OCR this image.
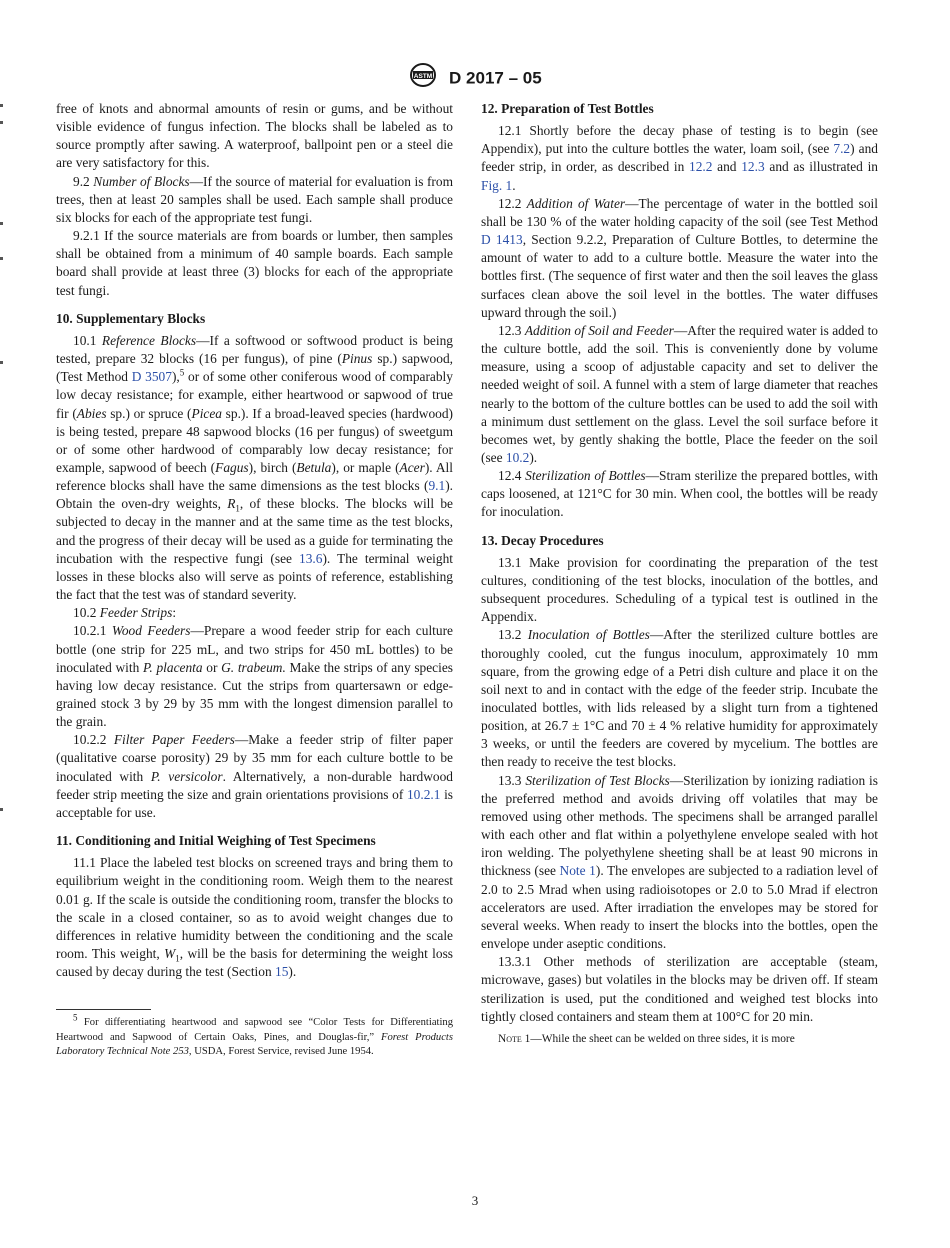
ASTM D 2017 – 05

free of knots and abnormal amounts of resin or gums, and be without visible evidence of fungus infection. The blocks shall be labeled as to source promptly after sawing. A waterproof, ballpoint pen or a steel die are very satisfactory for this.

9.2 Number of Blocks—If the source of material for evaluation is from trees, then at least 20 samples shall be used. Each sample shall produce six blocks for each of the appropriate test fungi.

9.2.1 If the source materials are from boards or lumber, then samples shall be obtained from a minimum of 40 sample boards. Each sample board shall provide at least three (3) blocks for each of the appropriate test fungi.

10. Supplementary Blocks

10.1 Reference Blocks—If a softwood or softwood product is being tested, prepare 32 blocks (16 per fungus), of pine (Pinus sp.) sapwood, (Test Method D 3507),$^5$ or of some other coniferous wood of comparably low decay resistance; for example, either heartwood or sapwood of true fir (Abies sp.) or spruce (Picea sp.). If a broad-leaved species (hardwood) is being tested, prepare 48 sapwood blocks (16 per fungus) of sweetgum or of some other hardwood of comparably low decay resistance; for example, sapwood of beech (Fagus), birch (Betula), or maple (Acer). All reference blocks shall have the same dimensions as the test blocks (9.1). Obtain the oven-dry weights, $R_1$, of these blocks. The blocks will be subjected to decay in the manner and at the same time as the test blocks, and the progress of their decay will be used as a guide for terminating the incubation with the respective fungi (see 13.6). The terminal weight losses in these blocks also will serve as points of reference, establishing the fact that the test was of standard severity.

10.2 Feeder Strips:

10.2.1 Wood Feeders—Prepare a wood feeder strip for each culture bottle (one strip for 225 mL, and two strips for 450 mL bottles) to be inoculated with P. placenta or G. trabeum. Make the strips of any species having low decay resistance. Cut the strips from quartersawn or edge-grained stock 3 by 29 by 35 mm with the longest dimension parallel to the grain.

10.2.2 Filter Paper Feeders—Make a feeder strip of filter paper (qualitative coarse porosity) 29 by 35 mm for each culture bottle to be inoculated with P. versicolor. Alternatively, a non-durable hardwood feeder strip meeting the size and grain orientations provisions of 10.2.1 is acceptable for use.

11. Conditioning and Initial Weighing of Test Specimens

11.1 Place the labeled test blocks on screened trays and bring them to equilibrium weight in the conditioning room. Weigh them to the nearest 0.01 g. If the scale is outside the conditioning room, transfer the blocks to the scale in a closed container, so as to avoid weight changes due to differences in relative humidity between the conditioning and the scale room. This weight, $W_1$, will be the basis for determining the weight loss caused by decay during the test (Section 15).

$^5$ For differentiating heartwood and sapwood see “Color Tests for Differentiating Heartwood and Sapwood of Certain Oaks, Pines, and Douglas-fir,” Forest Products Laboratory Technical Note 253, USDA, Forest Service, revised June 1954.

12. Preparation of Test Bottles

12.1 Shortly before the decay phase of testing is to begin (see Appendix), put into the culture bottles the water, loam soil, (see 7.2) and feeder strip, in order, as described in 12.2 and 12.3 and as illustrated in Fig. 1.

12.2 Addition of Water—The percentage of water in the bottled soil shall be 130 % of the water holding capacity of the soil (see Test Method D 1413, Section 9.2.2, Preparation of Culture Bottles, to determine the amount of water to add to a culture bottle. Measure the water into the bottles first. (The sequence of first water and then the soil leaves the glass surfaces clean above the soil level in the bottles. The water diffuses upward through the soil.)

12.3 Addition of Soil and Feeder—After the required water is added to the culture bottle, add the soil. This is conveniently done by volume measure, using a scoop of adjustable capacity and set to deliver the needed weight of soil. A funnel with a stem of large diameter that reaches nearly to the bottom of the culture bottles can be used to add the soil with a minimum dust settlement on the glass. Level the soil surface before it becomes wet, by gently shaking the bottle, Place the feeder on the soil (see 10.2).

12.4 Sterilization of Bottles—Stram sterilize the prepared bottles, with caps loosened, at 121°C for 30 min. When cool, the bottles will be ready for inoculation.

13. Decay Procedures

13.1 Make provision for coordinating the preparation of the test cultures, conditioning of the test blocks, inoculation of the bottles, and subsequent procedures. Scheduling of a typical test is outlined in the Appendix.

13.2 Inoculation of Bottles—After the sterilized culture bottles are thoroughly cooled, cut the fungus inoculum, approximately 10 mm square, from the growing edge of a Petri dish culture and place it on the soil next to and in contact with the edge of the feeder strip. Incubate the inoculated bottles, with lids released by a slight turn from a tightened position, at 26.7 ± 1°C and 70 ± 4 % relative humidity for approximately 3 weeks, or until the feeders are covered by mycelium. The bottles are then ready to receive the test blocks.

13.3 Sterilization of Test Blocks—Sterilization by ionizing radiation is the preferred method and avoids driving off volatiles that may be removed using other methods. The specimens shall be arranged parallel with each other and flat within a polyethylene envelope sealed with hot iron welding. The polyethylene sheeting shall be at least 90 microns in thickness (see Note 1). The envelopes are subjected to a radiation level of 2.0 to 2.5 Mrad when using radioisotopes or 2.0 to 5.0 Mrad if electron accelerators are used. After irradiation the envelopes may be stored for several weeks. When ready to insert the blocks into the bottles, open the envelope under aseptic conditions.

13.3.1 Other methods of sterilization are acceptable (steam, microwave, gases) but volatiles in the blocks may be driven off. If steam sterilization is used, put the conditioned and weighed test blocks into tightly closed containers and steam them at 100°C for 20 min.

Note 1—While the sheet can be welded on three sides, it is more

3
